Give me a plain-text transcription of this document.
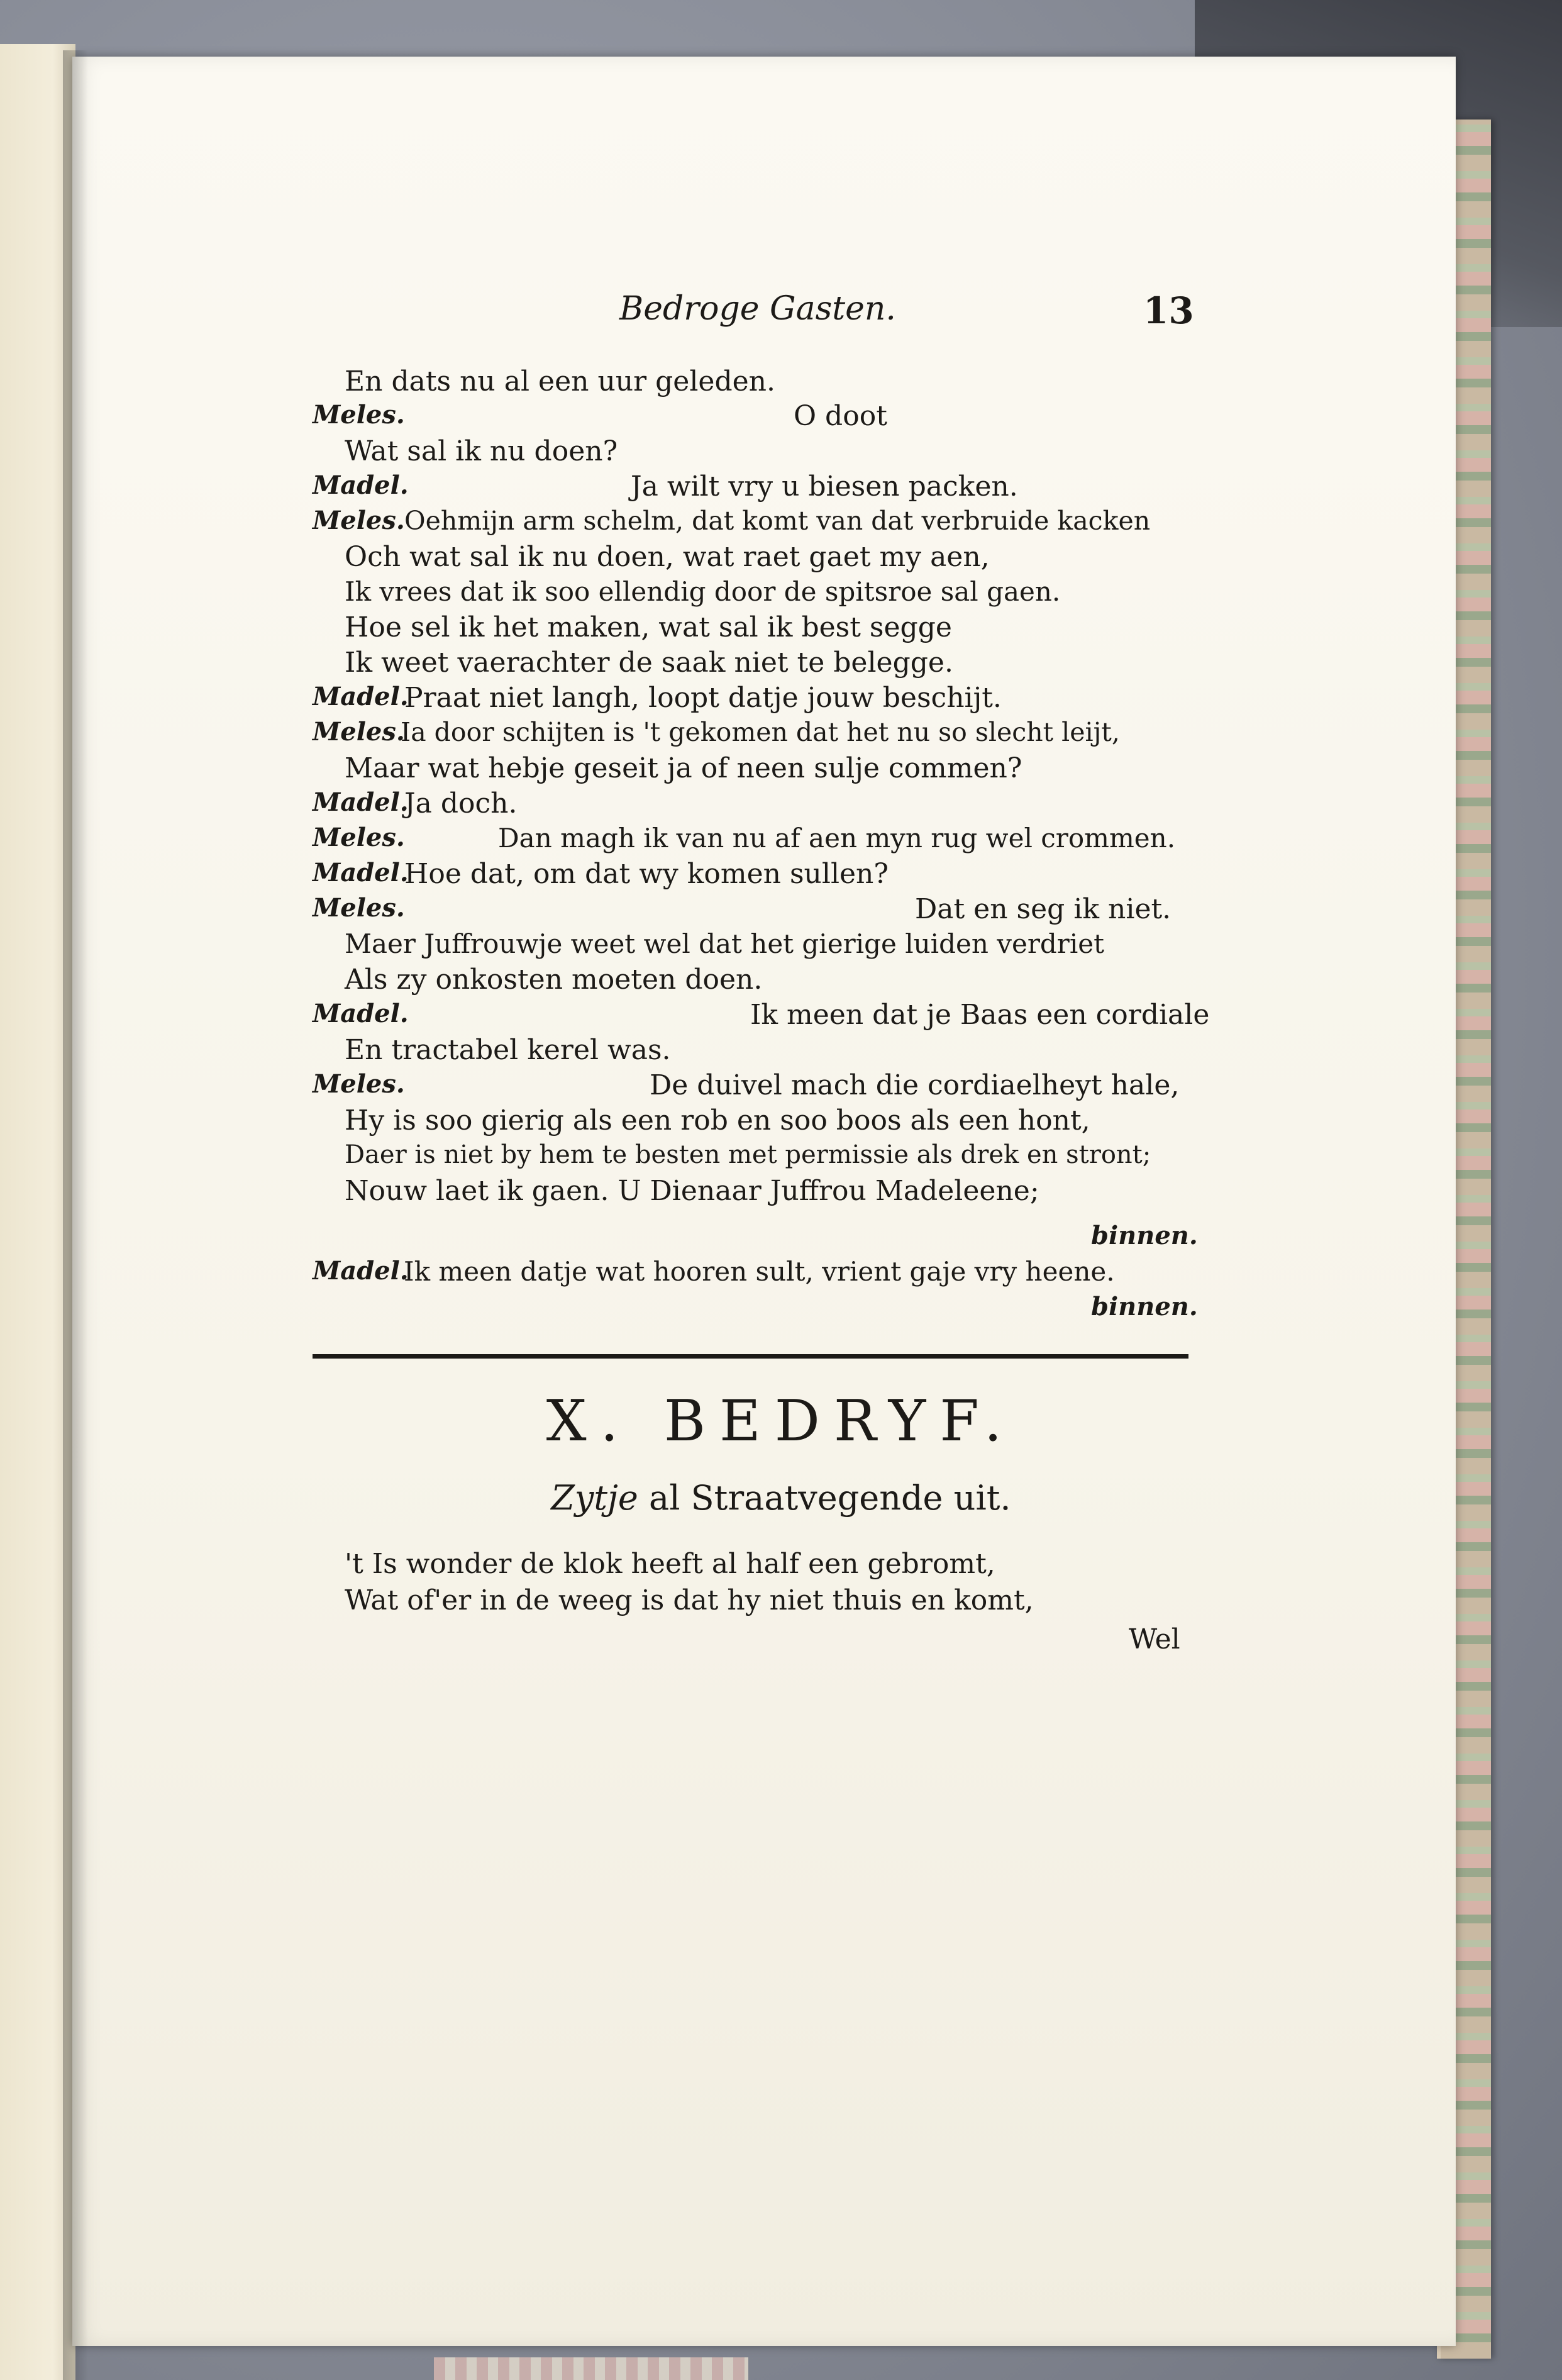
Bedroge Gasten.	13
En dats nu al een uur geleden.
Meles.	O doot
Wat sal ik nu doen?
Madel.	Ja wilt vry u biesen packen.
Meles. Oehmijn arm schelm, dat komt van dat verbruide kacken
Och wat sal ik nu doen, wat raet gaet my aen,
Ik vrees dat ik soo ellendig door de spitsroe sal gaen.
Hoe sel ik het maken, wat sal ik best segge
Ik weet vaerachter de saak niet te belegge.
Madel.
Praat niet langh, loopt datje jouw beschijt.
Meles.
Ia door schijten is 't gekomen dat het nu so slecht leijt,
Maar wat hebje geseit ja of neen sulje commen?
Madel.
Ja doch.
Meles.	Dan magh ik van nu af aen myn rug wel crommen.
Madel.
Hoe dat, om dat wy komen sullen?
Meles.	Dat en seg ik niet.
Maer Juffrouwje weet wel dat het gierige luiden verdriet
Als zy onkosten moeten doen.
Madel.	Ik meen dat je Baas een cordiale
En tractabel kerel was.
Meles.	De duivel mach die cordiaelheyt hale,
Hy is soo gierig als een rob en soo boos als een hont,
Daer is niet by hem te besten met permissie als drek en stront;
Nouw laet ik gaen. U Dienaar Juffrou Madeleene;
binnen.
Madel.
Ik meen datje wat hooren sult, vrient gaje vry heene.
binnen.
X. BEDRYF.
Zytje al Straatvegende uit.
't Is wonder de klok heeft al half een gebromt,
Wat of'er in de weeg is dat hy niet thuis en komt,
Wel
